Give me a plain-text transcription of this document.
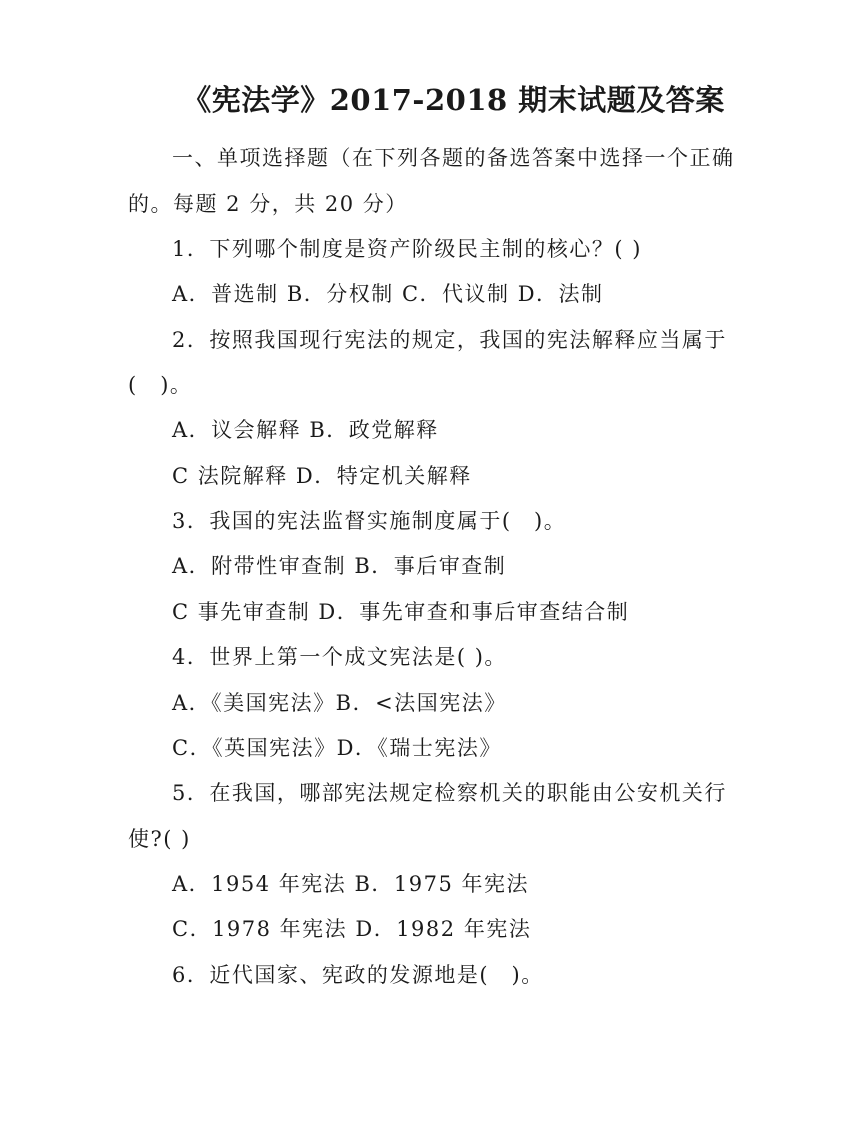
《宪法学》2017-2018 期末试题及答案
一、单项选择题（在下列各题的备选答案中选择一个正确
的。每题 2 分，共 20 分）
1．下列哪个制度是资产阶级民主制的核心？( )
A．普选制 B．分权制 C．代议制 D．法制
2．按照我国现行宪法的规定，我国的宪法解释应当属于
(　)。
A．议会解释 B．政党解释
C 法院解释 D．特定机关解释
3．我国的宪法监督实施制度属于(　)。
A．附带性审查制 B．事后审查制
C 事先审查制 D．事先审查和事后审查结合制
4．世界上第一个成文宪法是( )。
A．《美国宪法》B．<法国宪法》
C．《英国宪法》D．《瑞士宪法》
5．在我国，哪部宪法规定检察机关的职能由公安机关行
使?( )
A．1954 年宪法 B．1975 年宪法
C．1978 年宪法 D．1982 年宪法
6．近代国家、宪政的发源地是(　)。
